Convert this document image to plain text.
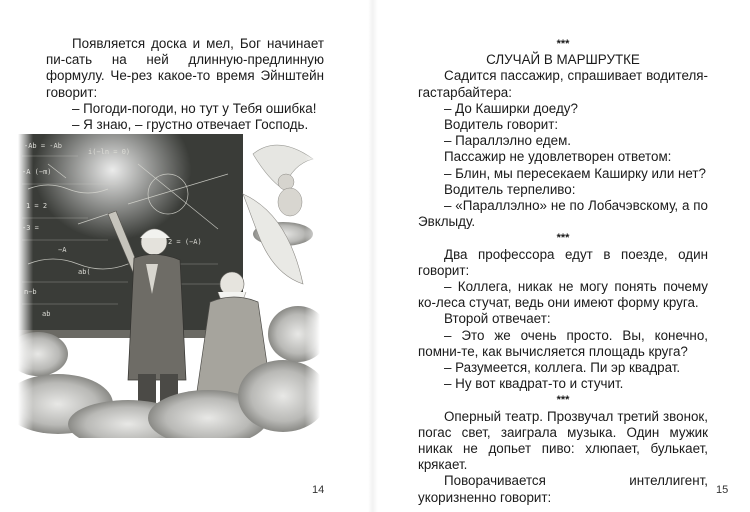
Появляется доска и мел, Бог начинает пи-сать на ней длинную-предлинную формулу. Че-рез какое-то время Эйнштейн говорит:

– Погоди-погоди, но тут у Тебя ошибка!

– Я знаю, – грустно отвечает Господь.

14
***
СЛУЧАЙ В МАРШРУТКЕ

Садится пассажир, спрашивает водителя-гастарбайтера:

– До Каширки доеду?

Водитель говорит:

– Параллэлно едем.

Пассажир не удовлетворен ответом:

– Блин, мы пересекаем Каширку или нет?

Водитель терпеливо:

– «Параллэлно» не по Лобачэвскому, а по Эвклыду.

***

Два профессора едут в поезде, один говорит:

– Коллега, никак не могу понять почему ко-леса стучат, ведь они имеют форму круга.

Второй отвечает:

– Это же очень просто. Вы, конечно, помни-те, как вычисляется площадь круга?

– Разумеется, коллега. Пи эр квадрат.

– Ну вот квадрат-то и стучит.

***

Оперный театр. Прозвучал третий звонок, погас свет, заиграла музыка. Один мужик никак не допьет пиво: хлюпает, булькает, крякает.

Поворачивается интеллигент, укоризненно говорит:	15
